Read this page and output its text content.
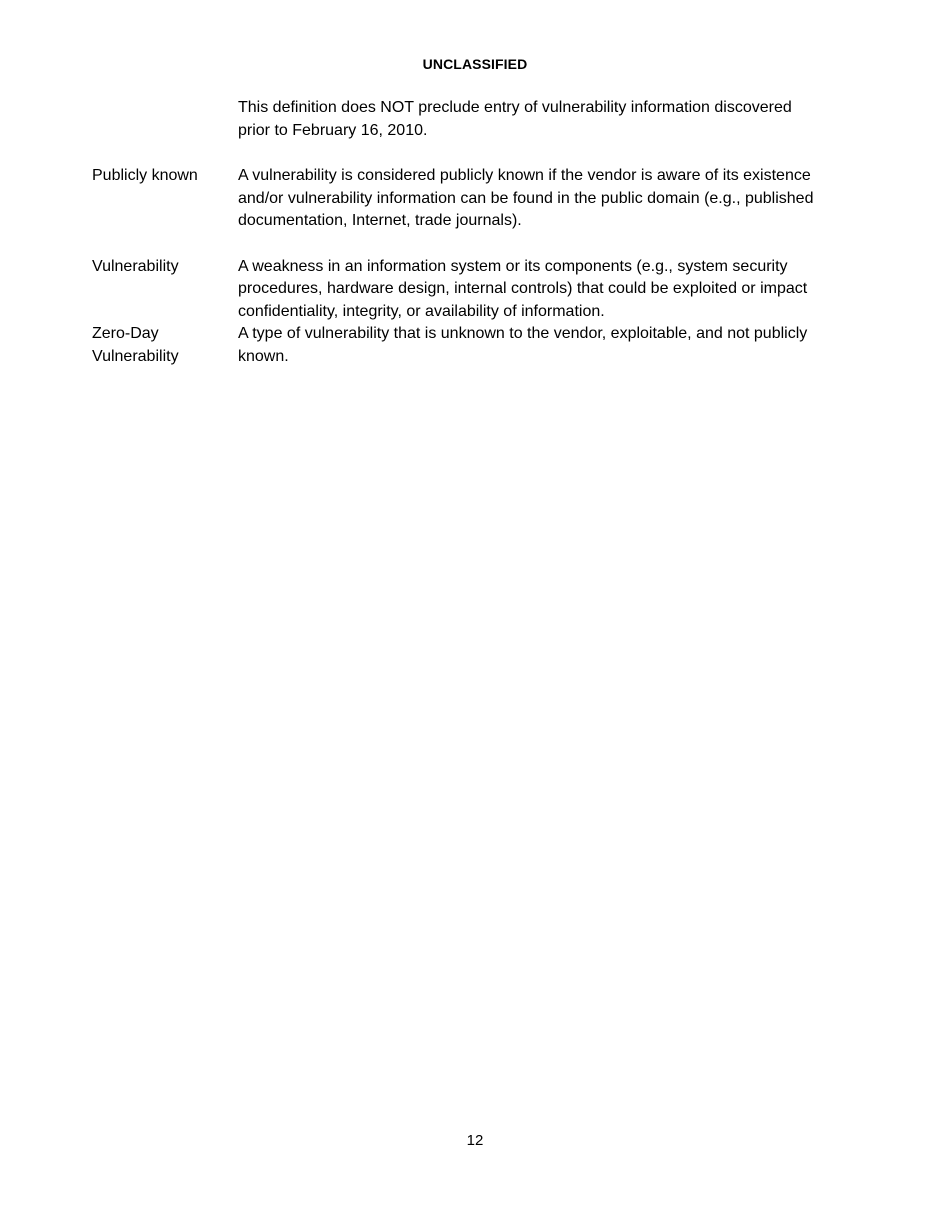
UNCLASSIFIED
This definition does NOT preclude entry of vulnerability information discovered prior to February 16, 2010.
Publicly known	A vulnerability is considered publicly known if the vendor is aware of its existence and/or vulnerability information can be found in the public domain (e.g., published documentation, Internet, trade journals).
Vulnerability	A weakness in an information system or its components (e.g., system security procedures, hardware design, internal controls) that could be exploited or impact confidentiality, integrity, or availability of information.
Zero-Day Vulnerability
A type of vulnerability that is unknown to the vendor, exploitable, and not publicly known.
12
